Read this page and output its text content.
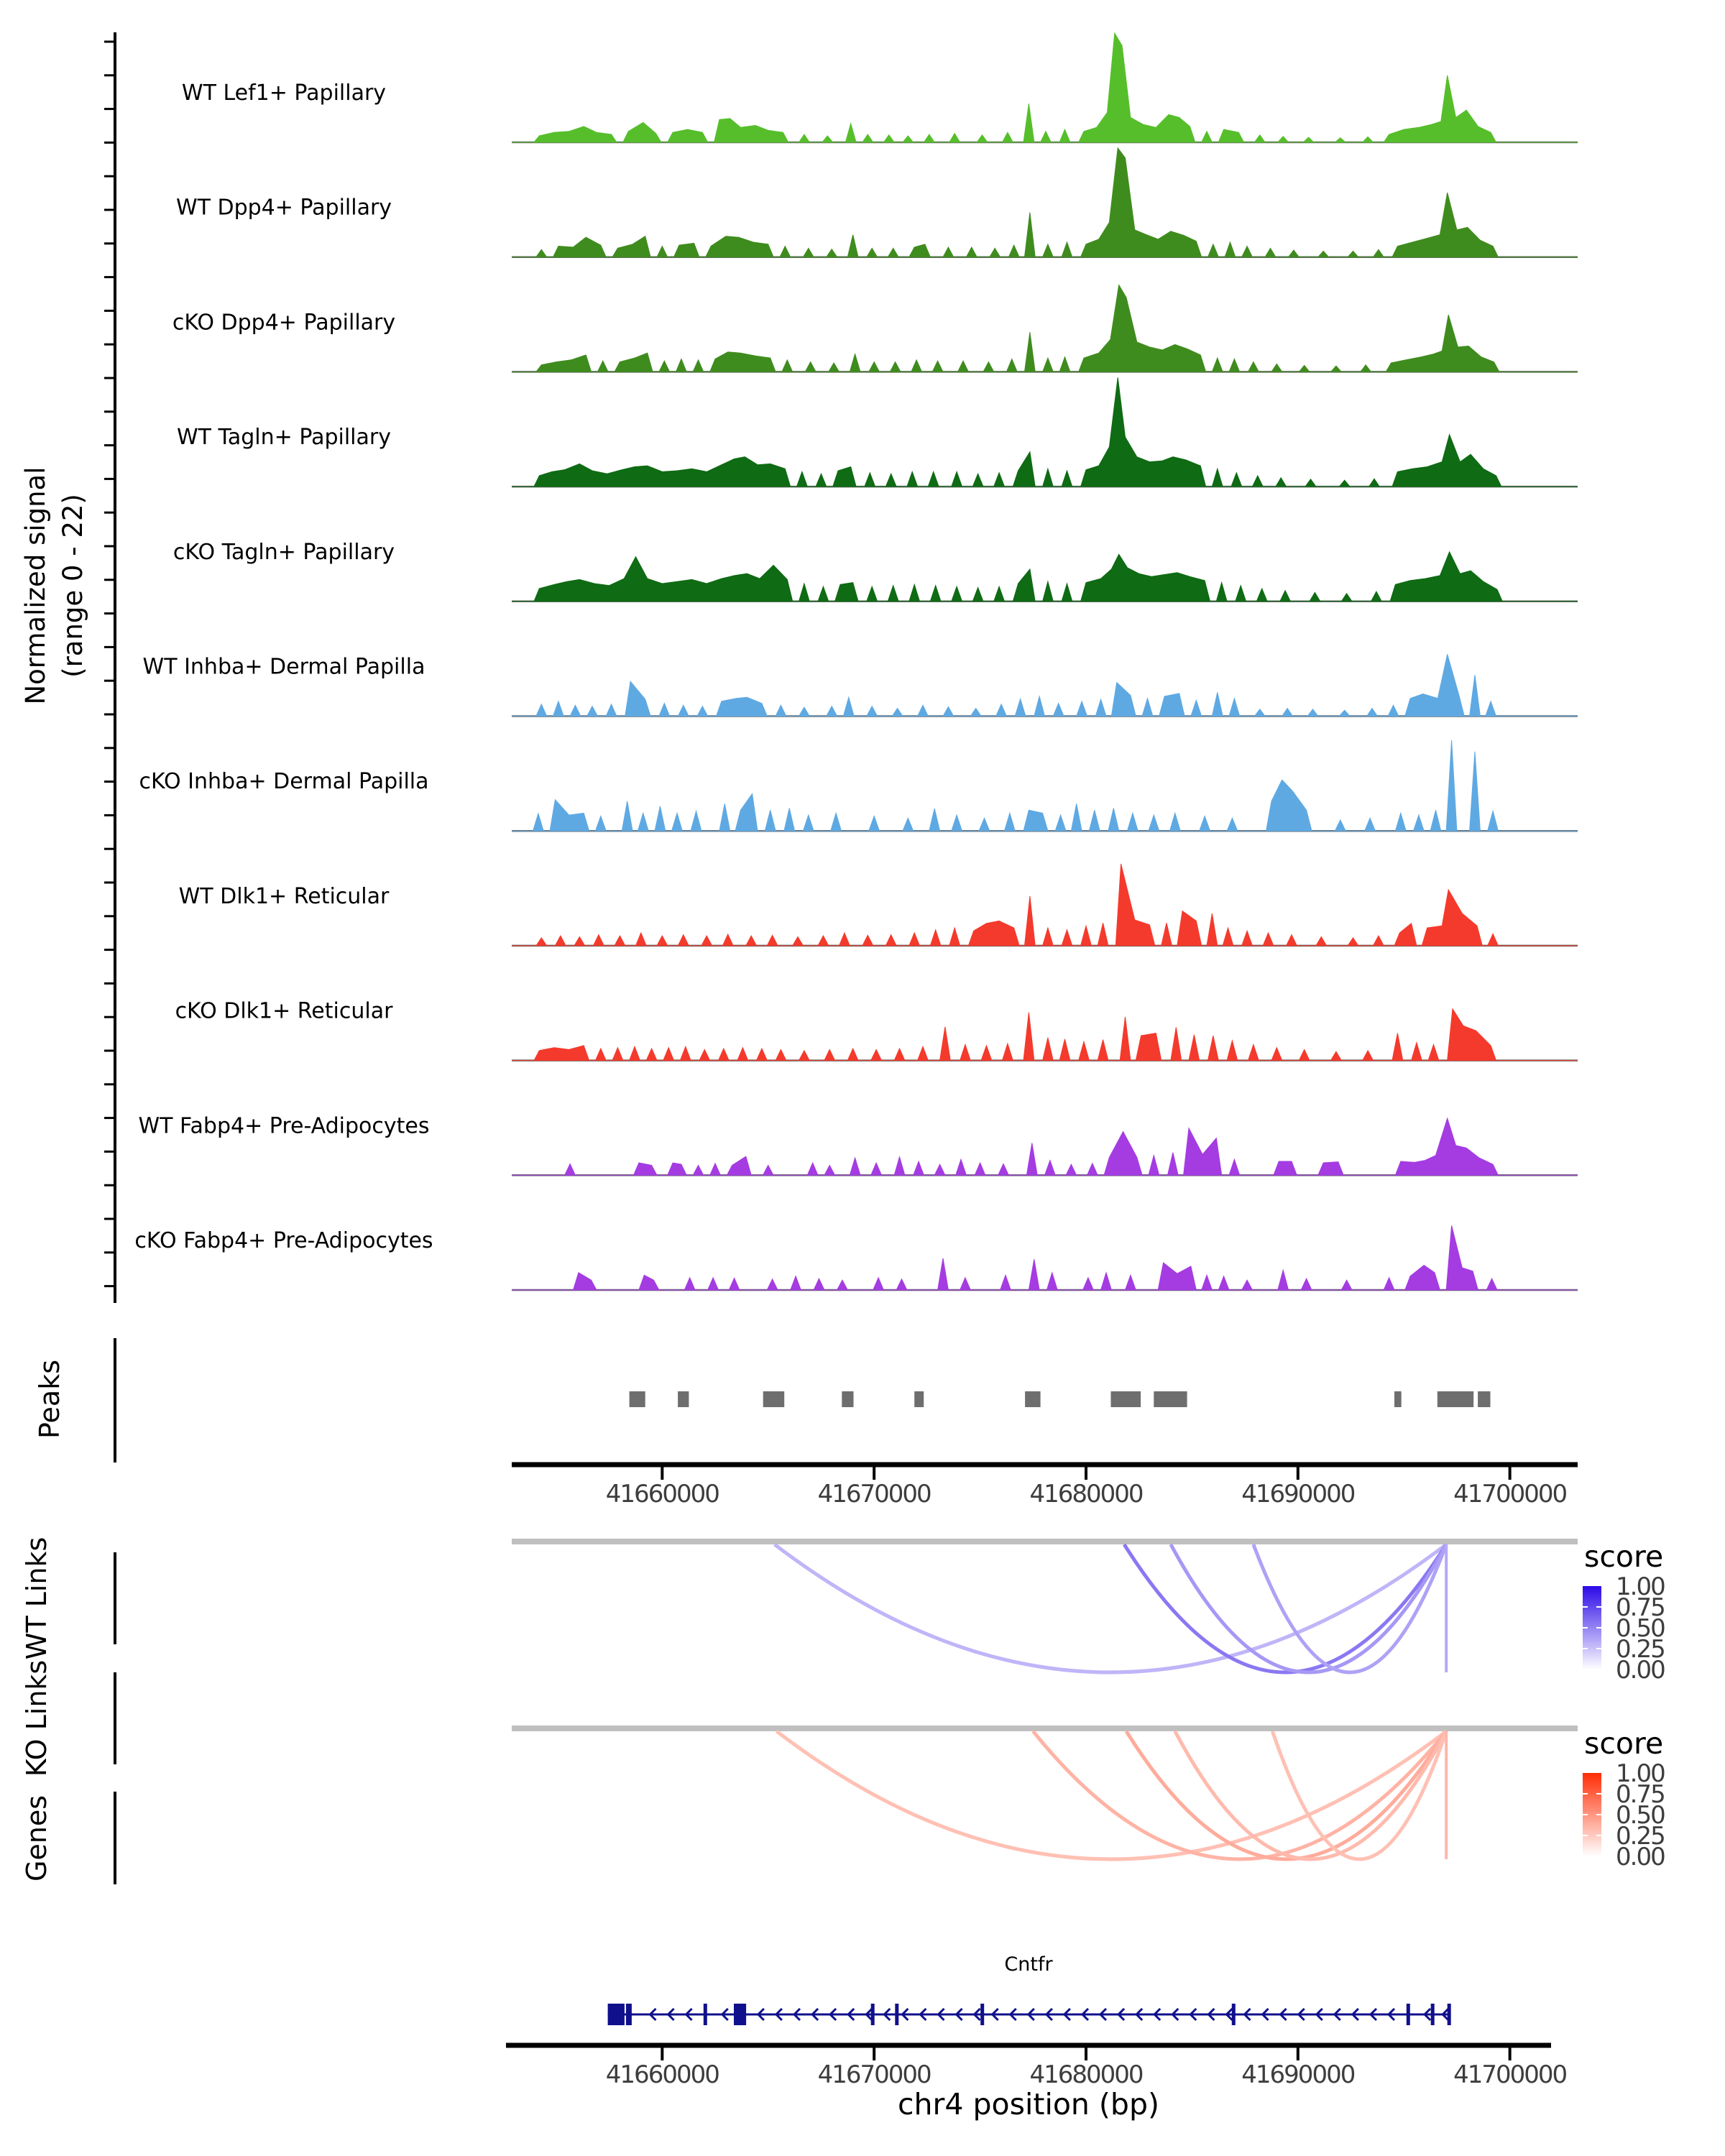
WT Lef1+ Papillary
WT Dpp4+ Papillary
cKO Dpp4+ Papillary
WT Tagln+ Papillary
cKO Tagln+ Papillary
WT Inhba+ Dermal Papilla
cKO Inhba+ Dermal Papilla
WT Dlk1+ Reticular
cKO Dlk1+ Reticular
WT Fabp4+ Pre-Adipocytes
cKO Fabp4+ Pre-Adipocytes
41660000	41670000	41680000	41690000	41700000
41660000	41670000	41680000	41690000	41700000
1.00
0.75
0.50
0.25
0.00
1.00
0.75
0.50
0.25
0.00
Normalized signal (range 0 - 22)
Peaks
WT Links
KO Links
Genes
score
score
Cntfr
chr4 position (bp)
